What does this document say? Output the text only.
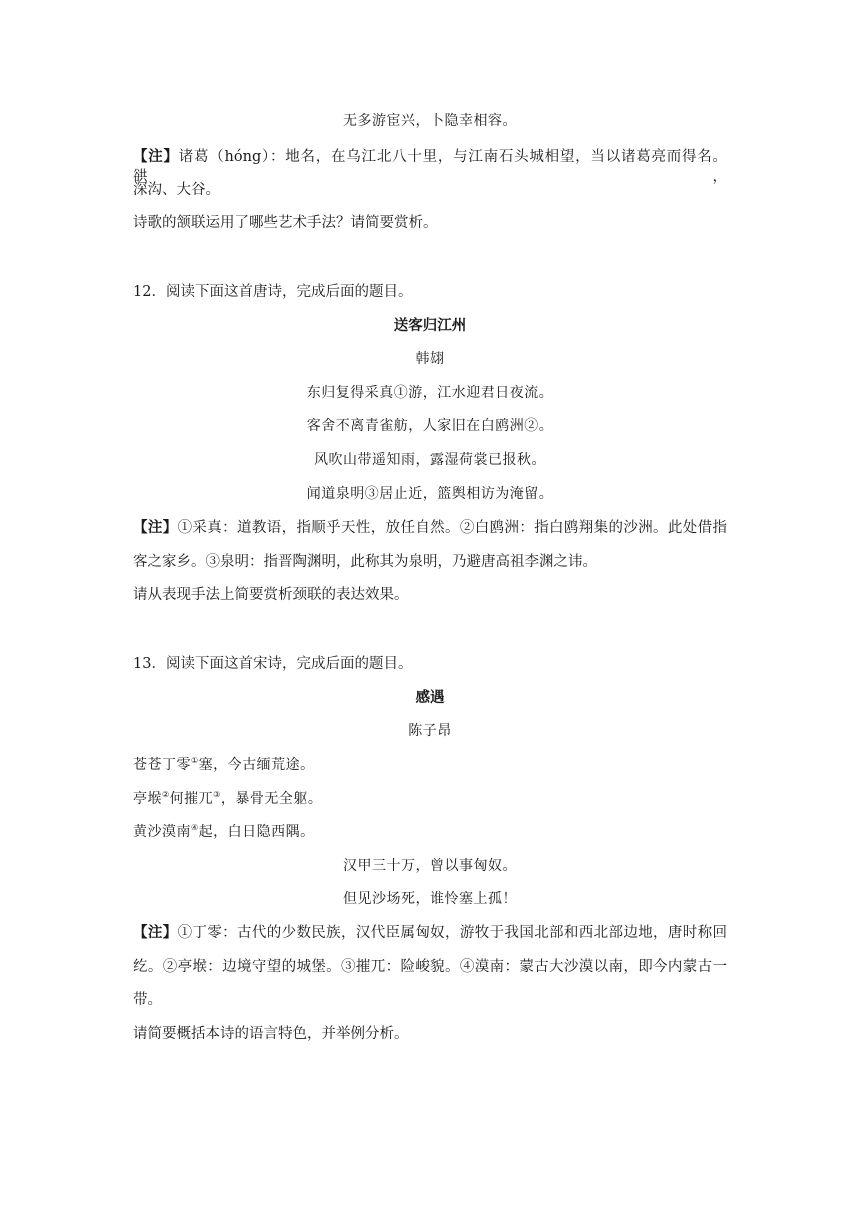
无多游宦兴，卜隐幸相容。
【注】诸葛（hóng）：地名，在乌江北八十里，与江南石头城相望，当以诸葛亮而得名。谼，
深沟、大谷。
诗歌的颔联运用了哪些艺术手法？请简要赏析。
12．阅读下面这首唐诗，完成后面的题目。
送客归江州
韩翃
东归复得采真①游，江水迎君日夜流。
客舍不离青雀舫，人家旧在白鸥洲②。
风吹山带遥知雨，露湿荷裳已报秋。
闻道泉明③居止近，篮舆相访为淹留。
【注】①采真：道教语，指顺乎天性，放任自然。②白鸥洲：指白鸥翔集的沙洲。此处借指
客之家乡。③泉明：指晋陶渊明，此称其为泉明，乃避唐高祖李渊之讳。
请从表现手法上简要赏析颈联的表达效果。
13．阅读下面这首宋诗，完成后面的题目。
感遇
陈子昂
苍苍丁零①塞，今古缅荒途。
亭堠②何摧兀③，暴骨无全躯。
黄沙漠南④起，白日隐西隅。
汉甲三十万，曾以事匈奴。
但见沙场死，谁怜塞上孤！
【注】①丁零：古代的少数民族，汉代臣属匈奴，游牧于我国北部和西北部边地，唐时称回
纥。②亭堠：边境守望的城堡。③摧兀：险峻貌。④漠南：蒙古大沙漠以南，即今内蒙古一
带。
请简要概括本诗的语言特色，并举例分析。
